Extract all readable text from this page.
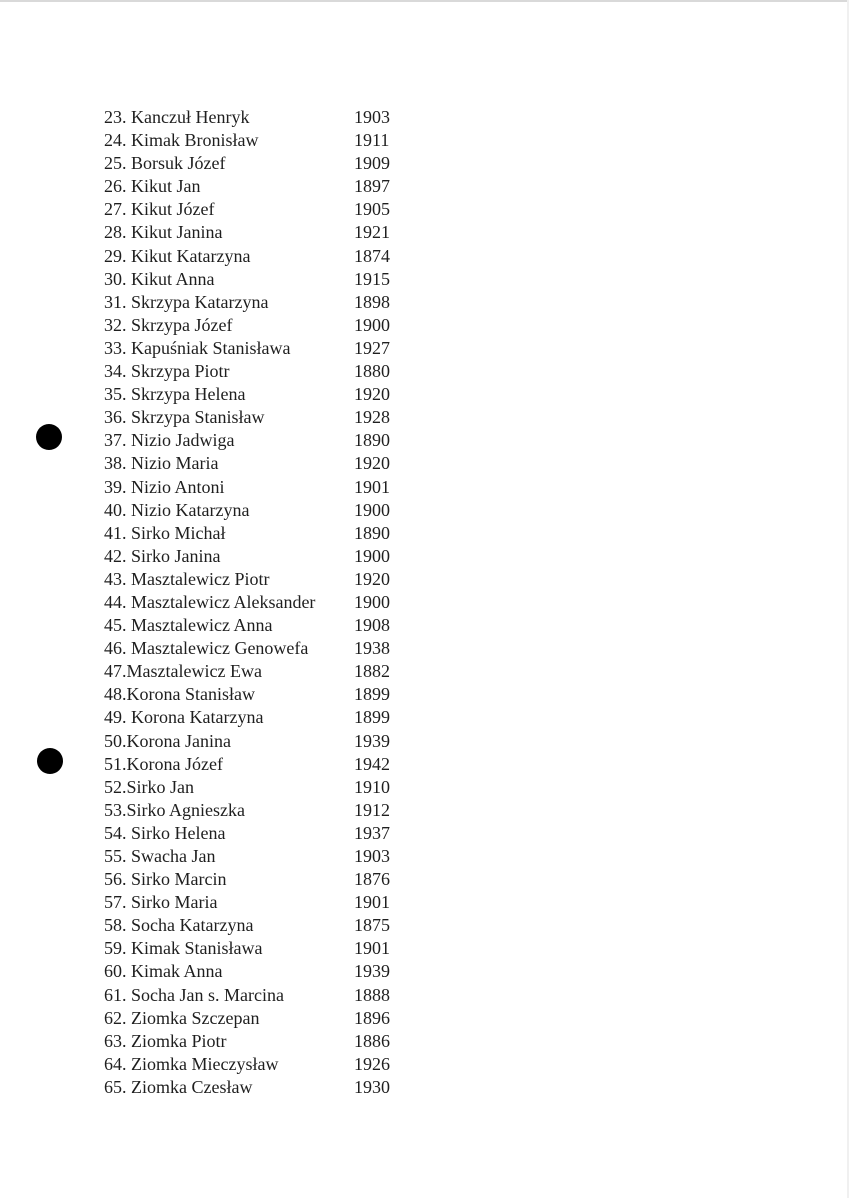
23. Kanczuł Henryk	1903
24. Kimak Bronisław	1911
25. Borsuk Józef	1909
26. Kikut Jan	1897
27. Kikut Józef	1905
28. Kikut Janina	1921
29. Kikut Katarzyna	1874
30. Kikut Anna	1915
31. Skrzypa Katarzyna	1898
32. Skrzypa Józef	1900
33. Kapuśniak Stanisława	1927
34. Skrzypa Piotr	1880
35. Skrzypa Helena	1920
36. Skrzypa Stanisław	1928
37. Nizio Jadwiga	1890
38. Nizio Maria	1920
39. Nizio Antoni	1901
40. Nizio Katarzyna	1900
41. Sirko Michał	1890
42. Sirko Janina	1900
43. Masztalewicz Piotr	1920
44. Masztalewicz Aleksander 1900
45. Masztalewicz Anna	1908
46. Masztalewicz Genowefa	1938
47.Masztalewicz Ewa	1882
48.Korona Stanisław	1899
49. Korona Katarzyna	1899
50.Korona Janina	1939
51.Korona Józef	1942
52.Sirko Jan	1910
53.Sirko Agnieszka	1912
54. Sirko Helena	1937
55. Swacha Jan	1903
56. Sirko Marcin	1876
57. Sirko Maria	1901
58. Socha Katarzyna	1875
59. Kimak Stanisława	1901
60. Kimak Anna	1939
61. Socha Jan s. Marcina	1888
62. Ziomka Szczepan	1896
63. Ziomka Piotr	1886
64. Ziomka Mieczysław	1926
65. Ziomka Czesław	1930
